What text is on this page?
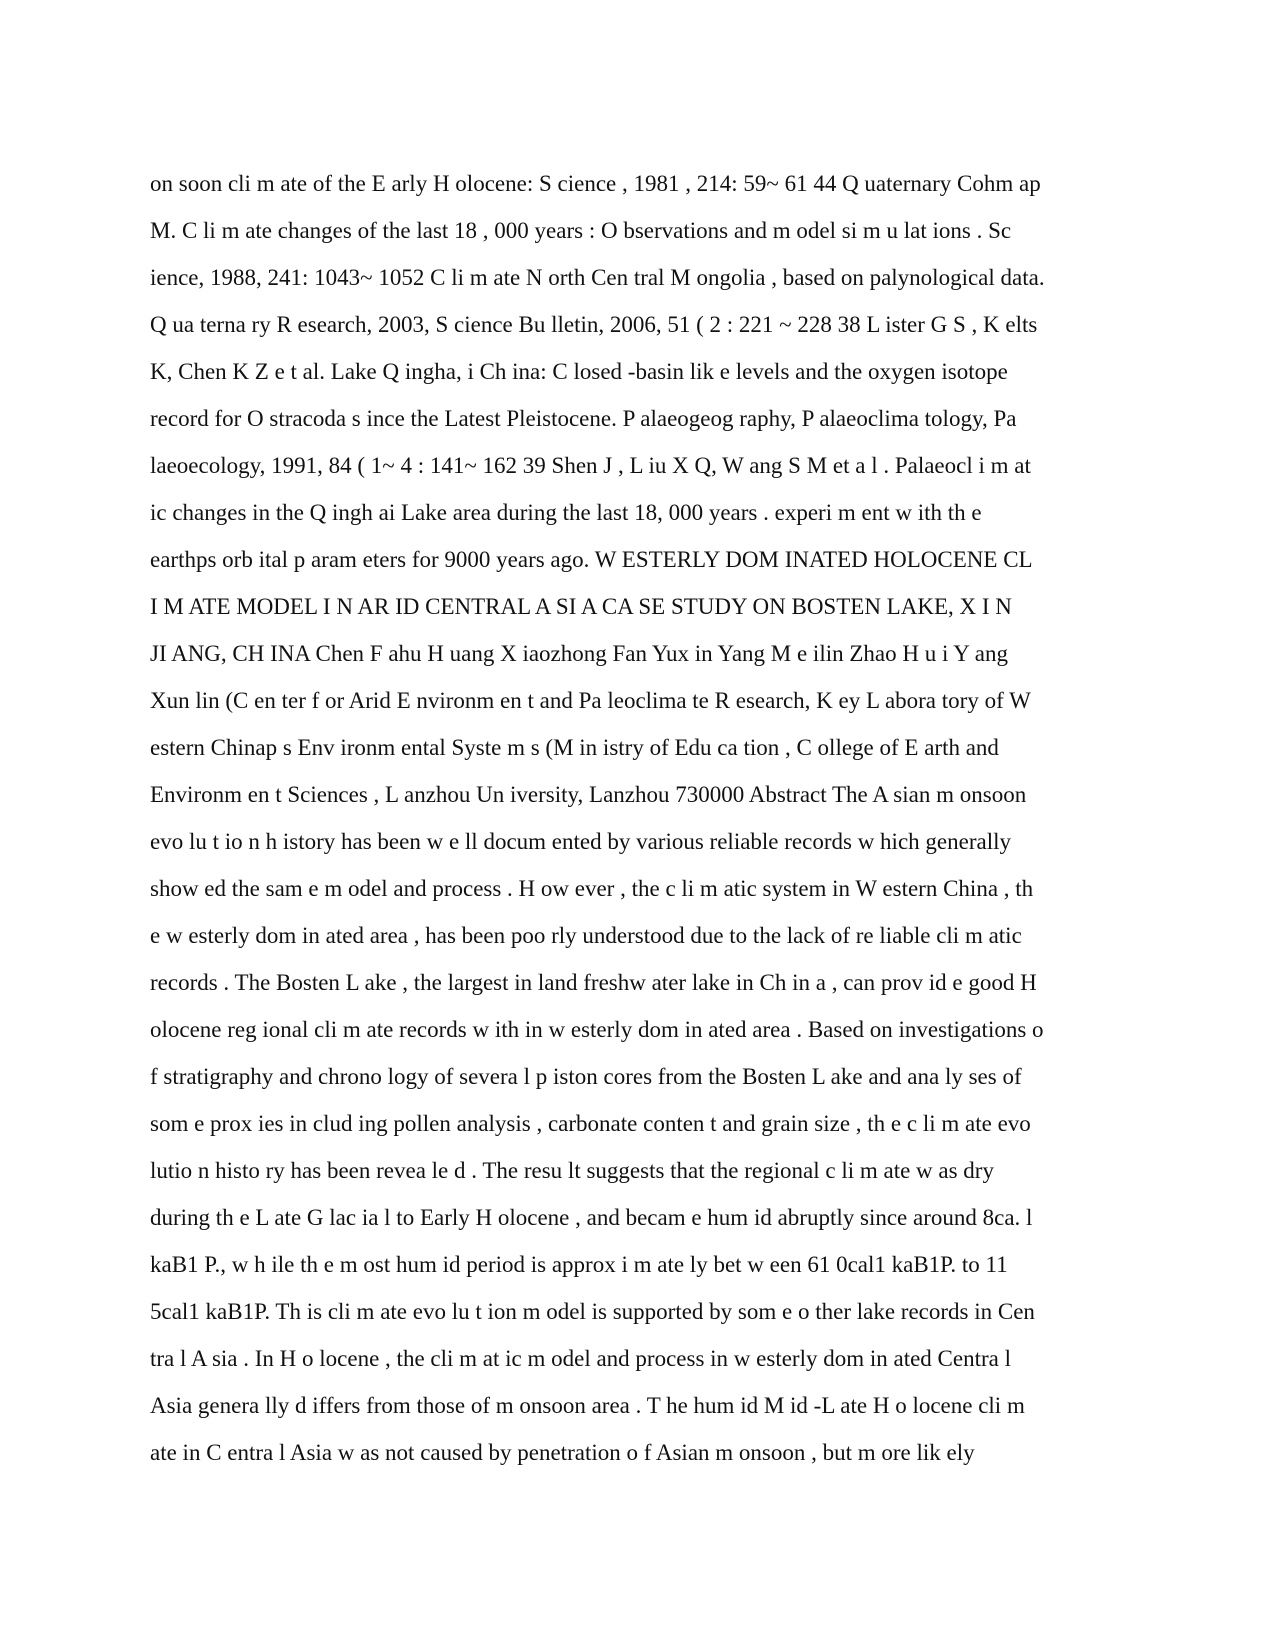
on soon cli m ate of the E arly H olocene: S cience , 1981 , 214: 59~ 61 44 Q uaternary Cohm ap
M. C li m ate changes of the last 18 , 000 years : O bservations and m odel si m u lat ions . Sc
ience, 1988, 241: 1043~ 1052 C li m ate N orth Cen tral M ongolia , based on palynological data.
Q ua terna ry R esearch, 2003, S cience Bu lletin, 2006, 51 ( 2 : 221 ~ 228 38 L ister G S , K elts
K, Chen K Z e t al. Lake Q ingha, i Ch ina: C losed -basin lik e levels and the oxygen isotope
record for O stracoda s ince the Latest Pleistocene. P alaeogeog raphy, P alaeoclima tology, Pa
laeoecology, 1991, 84 ( 1~ 4 : 141~ 162 39 Shen J , L iu X Q, W ang S M et a l . Palaeocl i m at
ic changes in the Q ingh ai Lake area during the last 18, 000 years . experi m ent w ith th e
earthps orb ital p aram eters for 9000 years ago. W ESTERLY DOM INATED HOLOCENE CL
I M ATE MODEL I N AR ID CENTRAL A SI A CA SE STUDY ON BOSTEN LAKE, X I N
JI ANG, CH INA Chen F ahu H uang X iaozhong Fan Yux in Yang M e ilin Zhao H u i Y ang
Xun lin (C en ter f or Arid E nvironm en t and Pa leoclima te R esearch, K ey L abora tory of W
estern Chinap s Env ironm ental Syste m s (M in istry of Edu ca tion , C ollege of E arth and
Environm en t Sciences , L anzhou Un iversity, Lanzhou 730000 Abstract The A sian m onsoon
evo lu t io n h istory has been w e ll docum ented by various reliable records w hich generally
show ed the sam e m odel and process . H ow ever , the c li m atic system in W estern China , th
e w esterly dom in ated area , has been poo rly understood due to the lack of re liable cli m atic
records . The Bosten L ake , the largest in land freshw ater lake in Ch in a , can prov id e good H
olocene reg ional cli m ate records w ith in w esterly dom in ated area . Based on investigations o
f stratigraphy and chrono logy of severa l p iston cores from the Bosten L ake and ana ly ses of
som e prox ies in clud ing pollen analysis , carbonate conten t and grain size , th e c li m ate evo
lutio n histo ry has been revea le d . The resu lt suggests that the regional c li m ate w as dry
during th e L ate G lac ia l to Early H olocene , and becam e hum id abruptly since around 8ca. l
kaB1 P., w h ile th e m ost hum id period is approx i m ate ly bet w een 61 0cal1 kaB1P. to 11
5cal1 kaB1P. Th is cli m ate evo lu t ion m odel is supported by som e o ther lake records in Cen
tra l A sia . In H o locene , the cli m at ic m odel and process in w esterly dom in ated Centra l
Asia genera lly d iffers from those of m onsoon area . T he hum id M id -L ate H o locene cli m
ate in C entra l Asia w as not caused by penetration o f Asian m onsoon , but m ore lik ely
